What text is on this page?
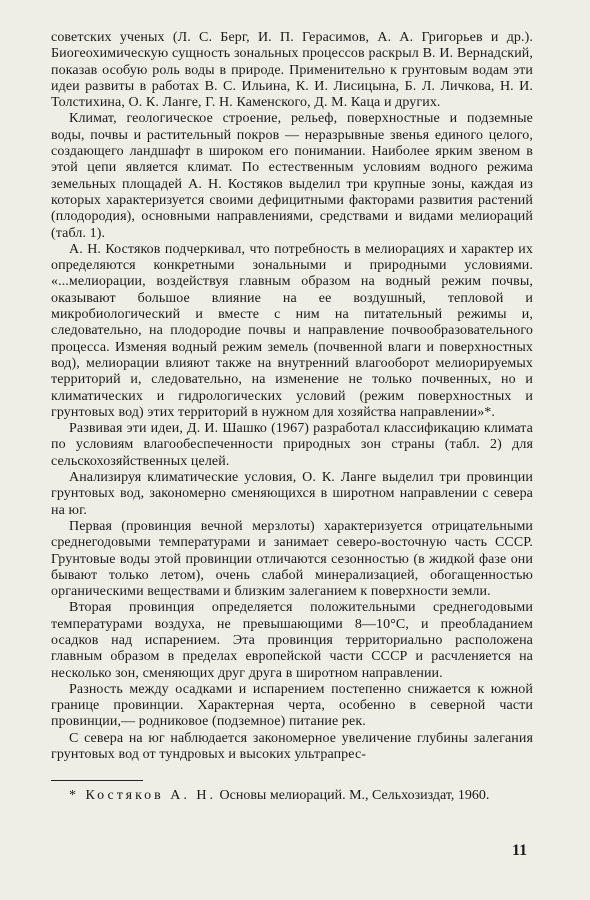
советских ученых (Л. С. Берг, И. П. Герасимов, А. А. Григорьев и др.). Биогеохимическую сущность зональных процессов раскрыл В. И. Вернадский, показав особую роль воды в природе. Применительно к грунтовым водам эти идеи развиты в работах В. С. Ильина, К. И. Лисицына, Б. Л. Личкова, Н. И. Толстихина, О. К. Ланге, Г. Н. Каменского, Д. М. Каца и других.

Климат, геологическое строение, рельеф, поверхностные и подземные воды, почвы и растительный покров — неразрывные звенья единого целого, создающего ландшафт в широком его понимании. Наиболее ярким звеном в этой цепи является климат. По естественным условиям водного режима земельных площадей А. Н. Костяков выделил три крупные зоны, каждая из которых характеризуется своими дефицитными факторами развития растений (плодородия), основными направлениями, средствами и видами мелиораций (табл. 1).

А. Н. Костяков подчеркивал, что потребность в мелиорациях и характер их определяются конкретными зональными и природными условиями. «...мелиорации, воздействуя главным образом на водный режим почвы, оказывают большое влияние на ее воздушный, тепловой и микробиологический и вместе с ним на питательный режимы и, следовательно, на плодородие почвы и направление почвообразовательного процесса. Изменяя водный режим земель (почвенной влаги и поверхностных вод), мелиорации влияют также на внутренний влагооборот мелиорируемых территорий и, следовательно, на изменение не только почвенных, но и климатических и гидрологических условий (режим поверхностных и грунтовых вод) этих территорий в нужном для хозяйства направлении»*.

Развивая эти идеи, Д. И. Шашко (1967) разработал классификацию климата по условиям влагообеспеченности природных зон страны (табл. 2) для сельскохозяйственных целей.

Анализируя климатические условия, О. К. Ланге выделил три провинции грунтовых вод, закономерно сменяющихся в широтном направлении с севера на юг.

Первая (провинция вечной мерзлоты) характеризуется отрицательными среднегодовыми температурами и занимает северо-восточную часть СССР. Грунтовые воды этой провинции отличаются сезонностью (в жидкой фазе они бывают только летом), очень слабой минерализацией, обогащенностью органическими веществами и близким залеганием к поверхности земли.

Вторая провинция определяется положительными среднегодовыми температурами воздуха, не превышающими 8—10°С, и преобладанием осадков над испарением. Эта провинция территориально расположена главным образом в пределах европейской части СССР и расчленяется на несколько зон, сменяющих друг друга в широтном направлении.

Разность между осадками и испарением постепенно снижается к южной границе провинции. Характерная черта, особенно в северной части провинции,— родниковое (подземное) питание рек.

С севера на юг наблюдается закономерное увеличение глубины залегания грунтовых вод от тундровых и высоких ультрапрес-

* Костяков А. Н. Основы мелиораций. М., Сельхозиздат, 1960.
11
